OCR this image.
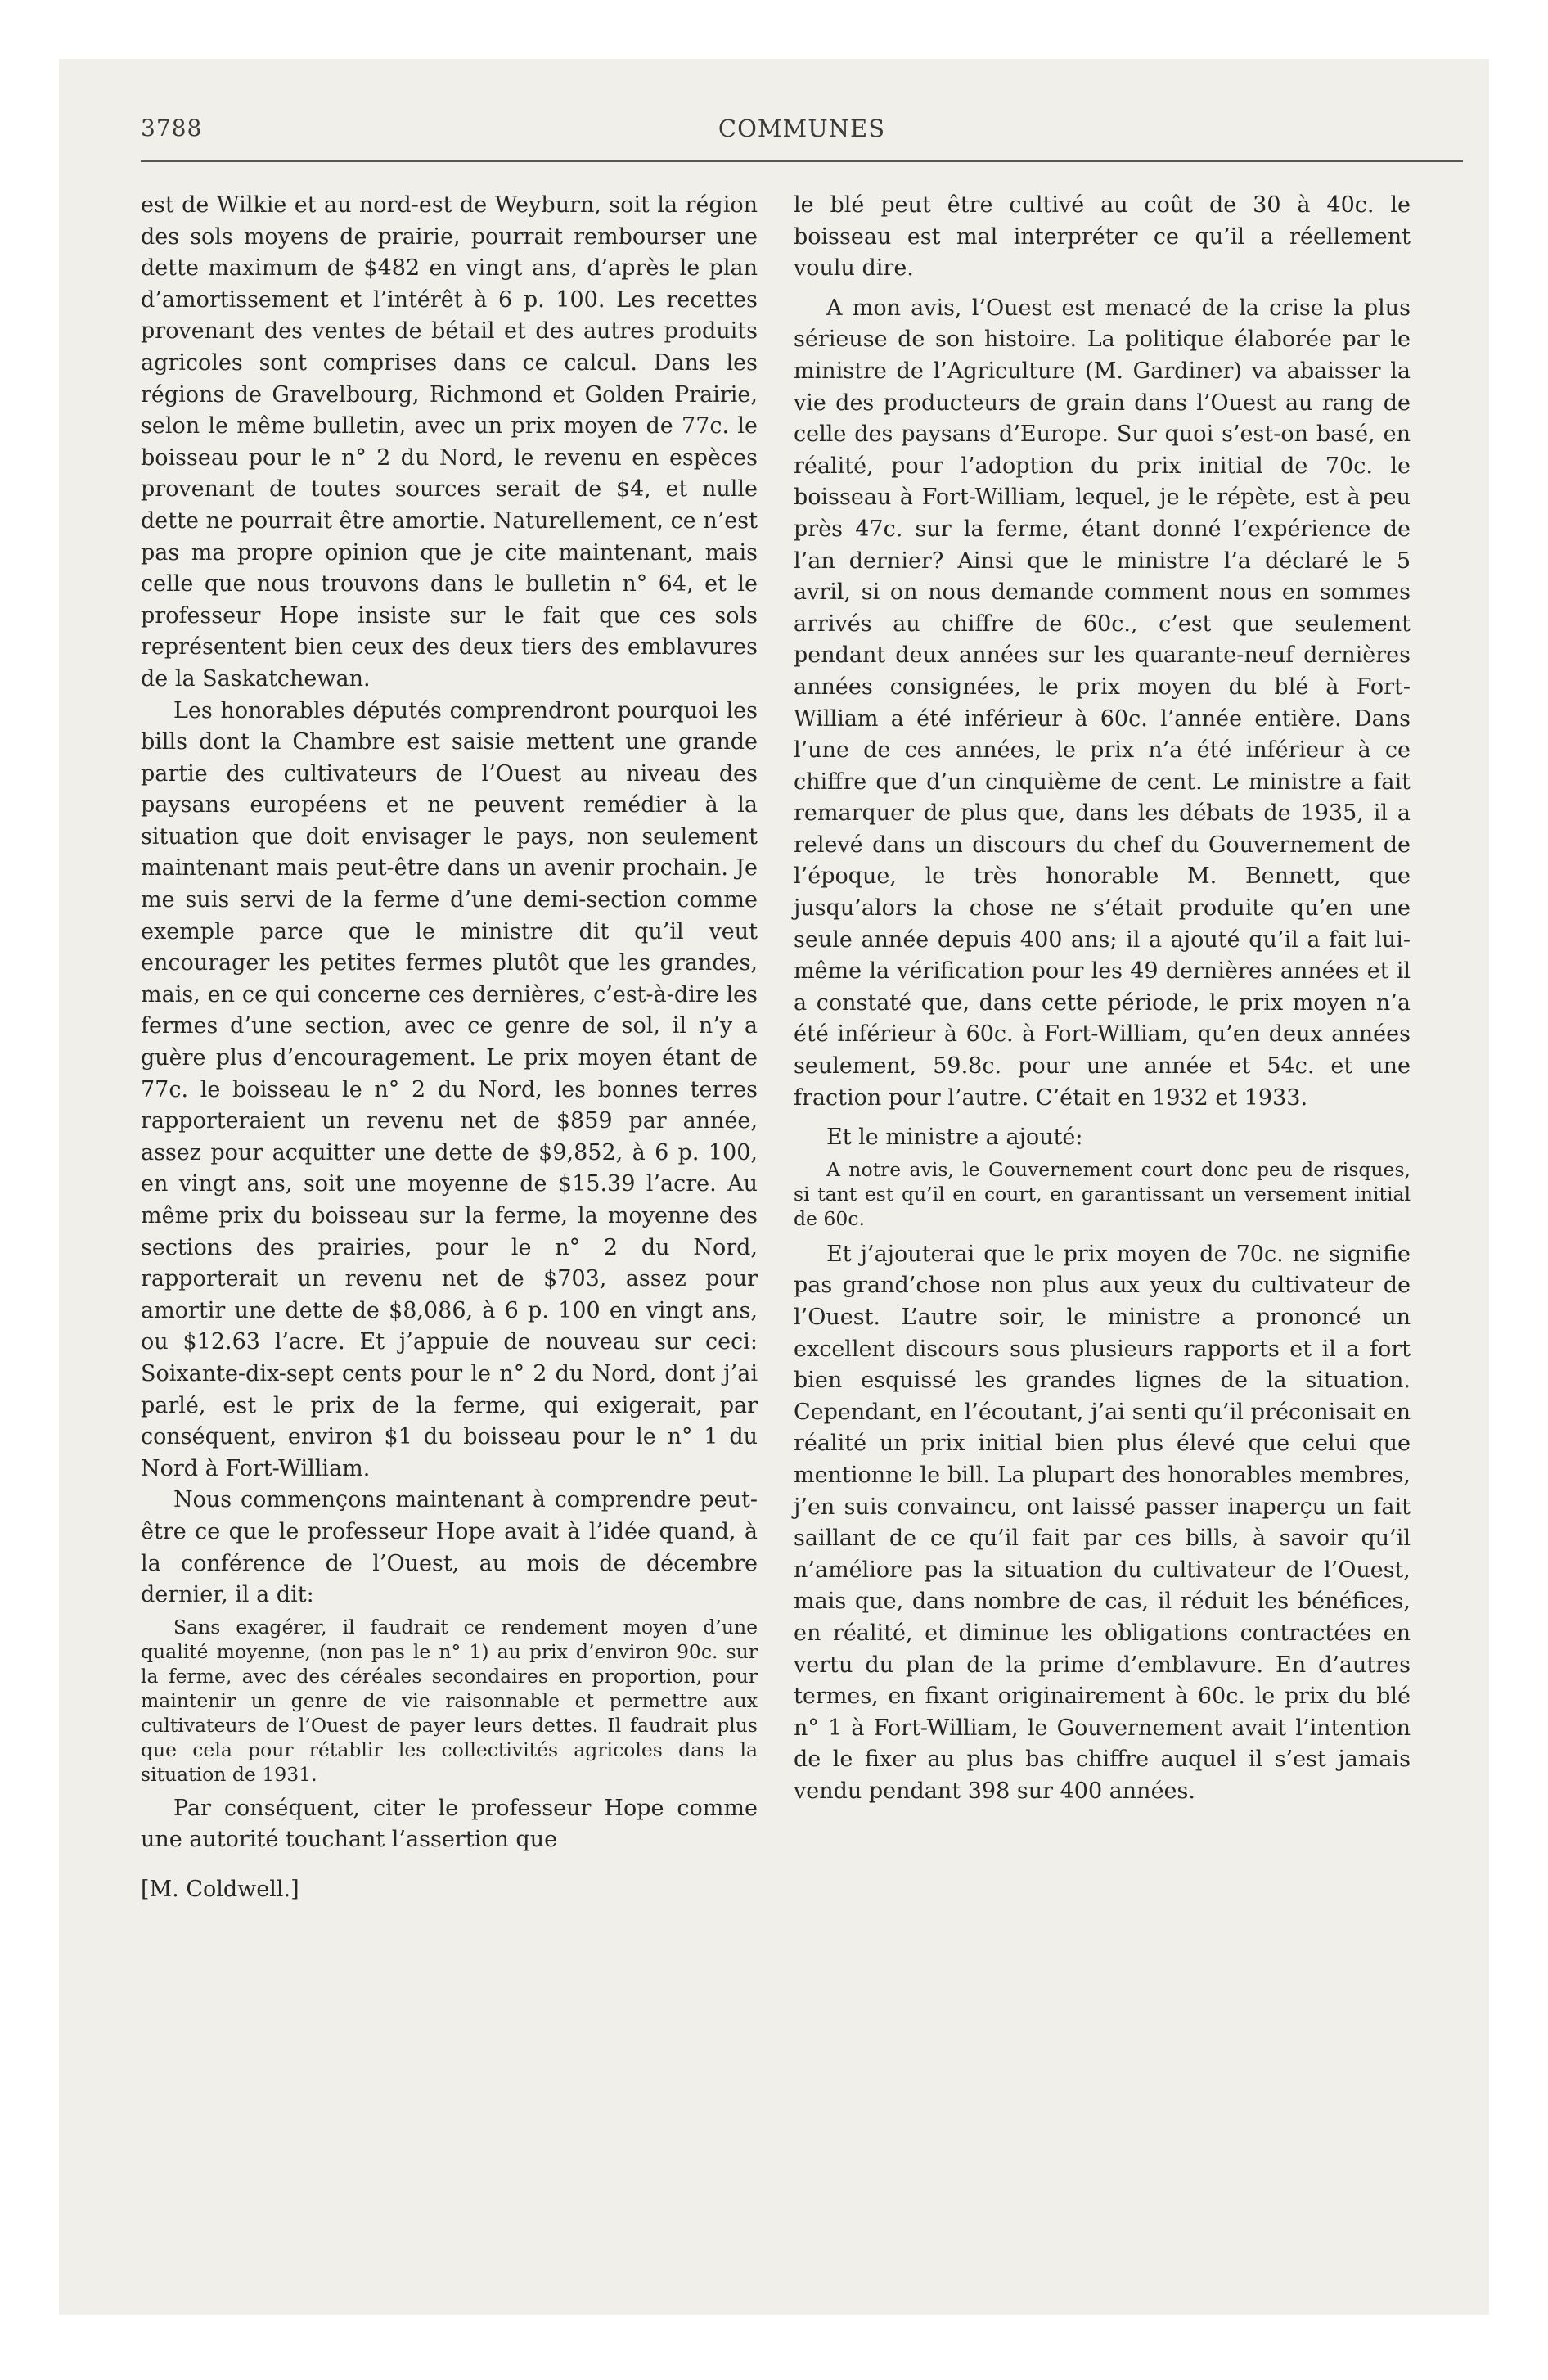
3788	COMMUNES

est de Wilkie et au nord-est de Weyburn, soit la région des sols moyens de prairie, pourrait rembourser une dette maximum de $482 en vingt ans, d’après le plan d’amortissement et l’intérêt à 6 p. 100. Les recettes provenant des ventes de bétail et des autres produits agricoles sont comprises dans ce calcul. Dans les régions de Gravelbourg, Richmond et Golden Prairie, selon le même bulletin, avec un prix moyen de 77c. le boisseau pour le n° 2 du Nord, le revenu en espèces provenant de toutes sources serait de $4, et nulle dette ne pourrait être amortie. Naturellement, ce n’est pas ma propre opinion que je cite maintenant, mais celle que nous trouvons dans le bulletin n° 64, et le professeur Hope insiste sur le fait que ces sols représentent bien ceux des deux tiers des emblavures de la Saskatchewan.

Les honorables députés comprendront pourquoi les bills dont la Chambre est saisie mettent une grande partie des cultivateurs de l’Ouest au niveau des paysans européens et ne peuvent remédier à la situation que doit envisager le pays, non seulement maintenant mais peut-être dans un avenir prochain. Je me suis servi de la ferme d’une demi-section comme exemple parce que le ministre dit qu’il veut encourager les petites fermes plutôt que les grandes, mais, en ce qui concerne ces dernières, c’est-à-dire les fermes d’une section, avec ce genre de sol, il n’y a guère plus d’encouragement. Le prix moyen étant de 77c. le boisseau le n° 2 du Nord, les bonnes terres rapporteraient un revenu net de $859 par année, assez pour acquitter une dette de $9,852, à 6 p. 100, en vingt ans, soit une moyenne de $15.39 l’acre. Au même prix du boisseau sur la ferme, la moyenne des sections des prairies, pour le n° 2 du Nord, rapporterait un revenu net de $703, assez pour amortir une dette de $8,086, à 6 p. 100 en vingt ans, ou $12.63 l’acre. Et j’appuie de nouveau sur ceci: Soixante-dix-sept cents pour le n° 2 du Nord, dont j’ai parlé, est le prix de la ferme, qui exigerait, par conséquent, environ $1 du boisseau pour le n° 1 du Nord à Fort-William.

Nous commençons maintenant à comprendre peut-être ce que le professeur Hope avait à l’idée quand, à la conférence de l’Ouest, au mois de décembre dernier, il a dit:

Sans exagérer, il faudrait ce rendement moyen d’une qualité moyenne, (non pas le n° 1) au prix d’environ 90c. sur la ferme, avec des céréales secondaires en proportion, pour maintenir un genre de vie raisonnable et permettre aux cultivateurs de l’Ouest de payer leurs dettes. Il faudrait plus que cela pour rétablir les collectivités agricoles dans la situation de 1931.

Par conséquent, citer le professeur Hope comme une autorité touchant l’assertion que

[M. Coldwell.]

le blé peut être cultivé au coût de 30 à 40c. le boisseau est mal interpréter ce qu’il a réellement voulu dire.

A mon avis, l’Ouest est menacé de la crise la plus sérieuse de son histoire. La politique élaborée par le ministre de l’Agriculture (M. Gardiner) va abaisser la vie des producteurs de grain dans l’Ouest au rang de celle des paysans d’Europe. Sur quoi s’est-on basé, en réalité, pour l’adoption du prix initial de 70c. le boisseau à Fort-William, lequel, je le répète, est à peu près 47c. sur la ferme, étant donné l’expérience de l’an dernier? Ainsi que le ministre l’a déclaré le 5 avril, si on nous demande comment nous en sommes arrivés au chiffre de 60c., c’est que seulement pendant deux années sur les quarante-neuf dernières années consignées, le prix moyen du blé à Fort-William a été inférieur à 60c. l’année entière. Dans l’une de ces années, le prix n’a été inférieur à ce chiffre que d’un cinquième de cent. Le ministre a fait remarquer de plus que, dans les débats de 1935, il a relevé dans un discours du chef du Gouvernement de l’époque, le très honorable M. Bennett, que jusqu’alors la chose ne s’était produite qu’en une seule année depuis 400 ans; il a ajouté qu’il a fait lui-même la vérification pour les 49 dernières années et il a constaté que, dans cette période, le prix moyen n’a été inférieur à 60c. à Fort-William, qu’en deux années seulement, 59.8c. pour une année et 54c. et une fraction pour l’autre. C’était en 1932 et 1933.

Et le ministre a ajouté:

A notre avis, le Gouvernement court donc peu de risques, si tant est qu’il en court, en garantissant un versement initial de 60c.

Et j’ajouterai que le prix moyen de 70c. ne signifie pas grand’chose non plus aux yeux du cultivateur de l’Ouest. L’autre soir, le ministre a prononcé un excellent discours sous plusieurs rapports et il a fort bien esquissé les grandes lignes de la situation. Cependant, en l’écoutant, j’ai senti qu’il préconisait en réalité un prix initial bien plus élevé que celui que mentionne le bill. La plupart des honorables membres, j’en suis convaincu, ont laissé passer inaperçu un fait saillant de ce qu’il fait par ces bills, à savoir qu’il n’améliore pas la situation du cultivateur de l’Ouest, mais que, dans nombre de cas, il réduit les bénéfices, en réalité, et diminue les obligations contractées en vertu du plan de la prime d’emblavure. En d’autres termes, en fixant originairement à 60c. le prix du blé n° 1 à Fort-William, le Gouvernement avait l’intention de le fixer au plus bas chiffre auquel il s’est jamais vendu pendant 398 sur 400 années.
